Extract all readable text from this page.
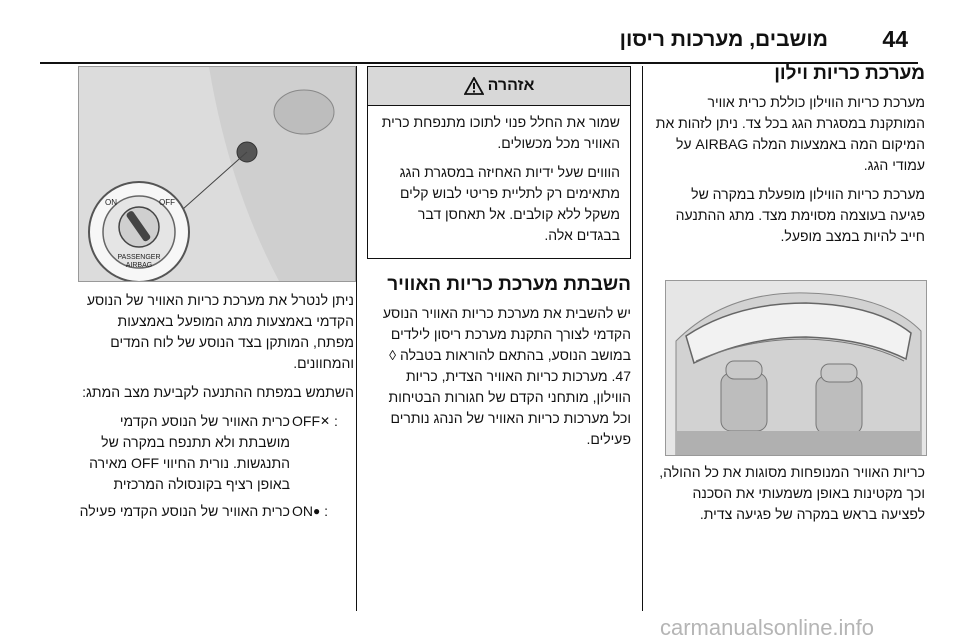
44
מושבים, מערכות ריסון
מערכת כריות וילון

מערכת כריות הווילון כוללת כרית אוויר המותקנת במסגרת הגג בכל צד. ניתן לזהות את המיקום המה באמצעות המלה AIRBAG על עמודי הגג.

מערכת כריות הווילון מופעלת במקרה של פגיעה בעוצמה מסוימת מצד. מתג ההתנעה חייב להיות במצב מופעל.

כריות האוויר המנופחות מסוגות את כל ההולה, וכך מקטינות באופן משמעותי את הסכנה לפציעה בראש במקרה של פגיעה צדית.

אזהרה

שמור את החלל פנוי לתוכו מתנפחת כרית האוויר מכל מכשולים.

הוווים שעל ידיות האחיזה במסגרת הגג מתאימים רק לתליית פריטי לבוש קלים משקל ללא קולבים. אל תאחסן דבר בבגדים אלה.

השבתת מערכת כריות האוויר

יש להשבית את מערכת כריות האוויר הנוסע הקדמי לצורך התקנת מערכת ריסון לילדים במושב הנוסע, בהתאם להוראות בטבלה ◊ 47. מערכות כריות האוויר הצדית, כריות הווילון, מותחני הקדם של חגורות הבטיחות וכל מערכות כריות האוויר של הנהג נותרים פעילים.

ON	OFF
PASSENGER
AIRBAG

ניתן לנטרל את מערכת כריות האוויר של הנוסע הקדמי באמצעות מתג המופעל באמצעות מפתח, המותקן בצד הנוסע של לוח המדים והמחוונים.

השתמש במפתח ההתנעה לקביעת מצב המתג:

OFF✕ :
כרית האוויר של הנוסע הקדמי מושבתת ולא תתנפח במקרה של התנגשות. נורית החיווי OFF מאירה באופן רציף בקונסולה המרכזית
ON● :
כרית האוויר של הנוסע הקדמי פעילה
carmanualsonline.info
